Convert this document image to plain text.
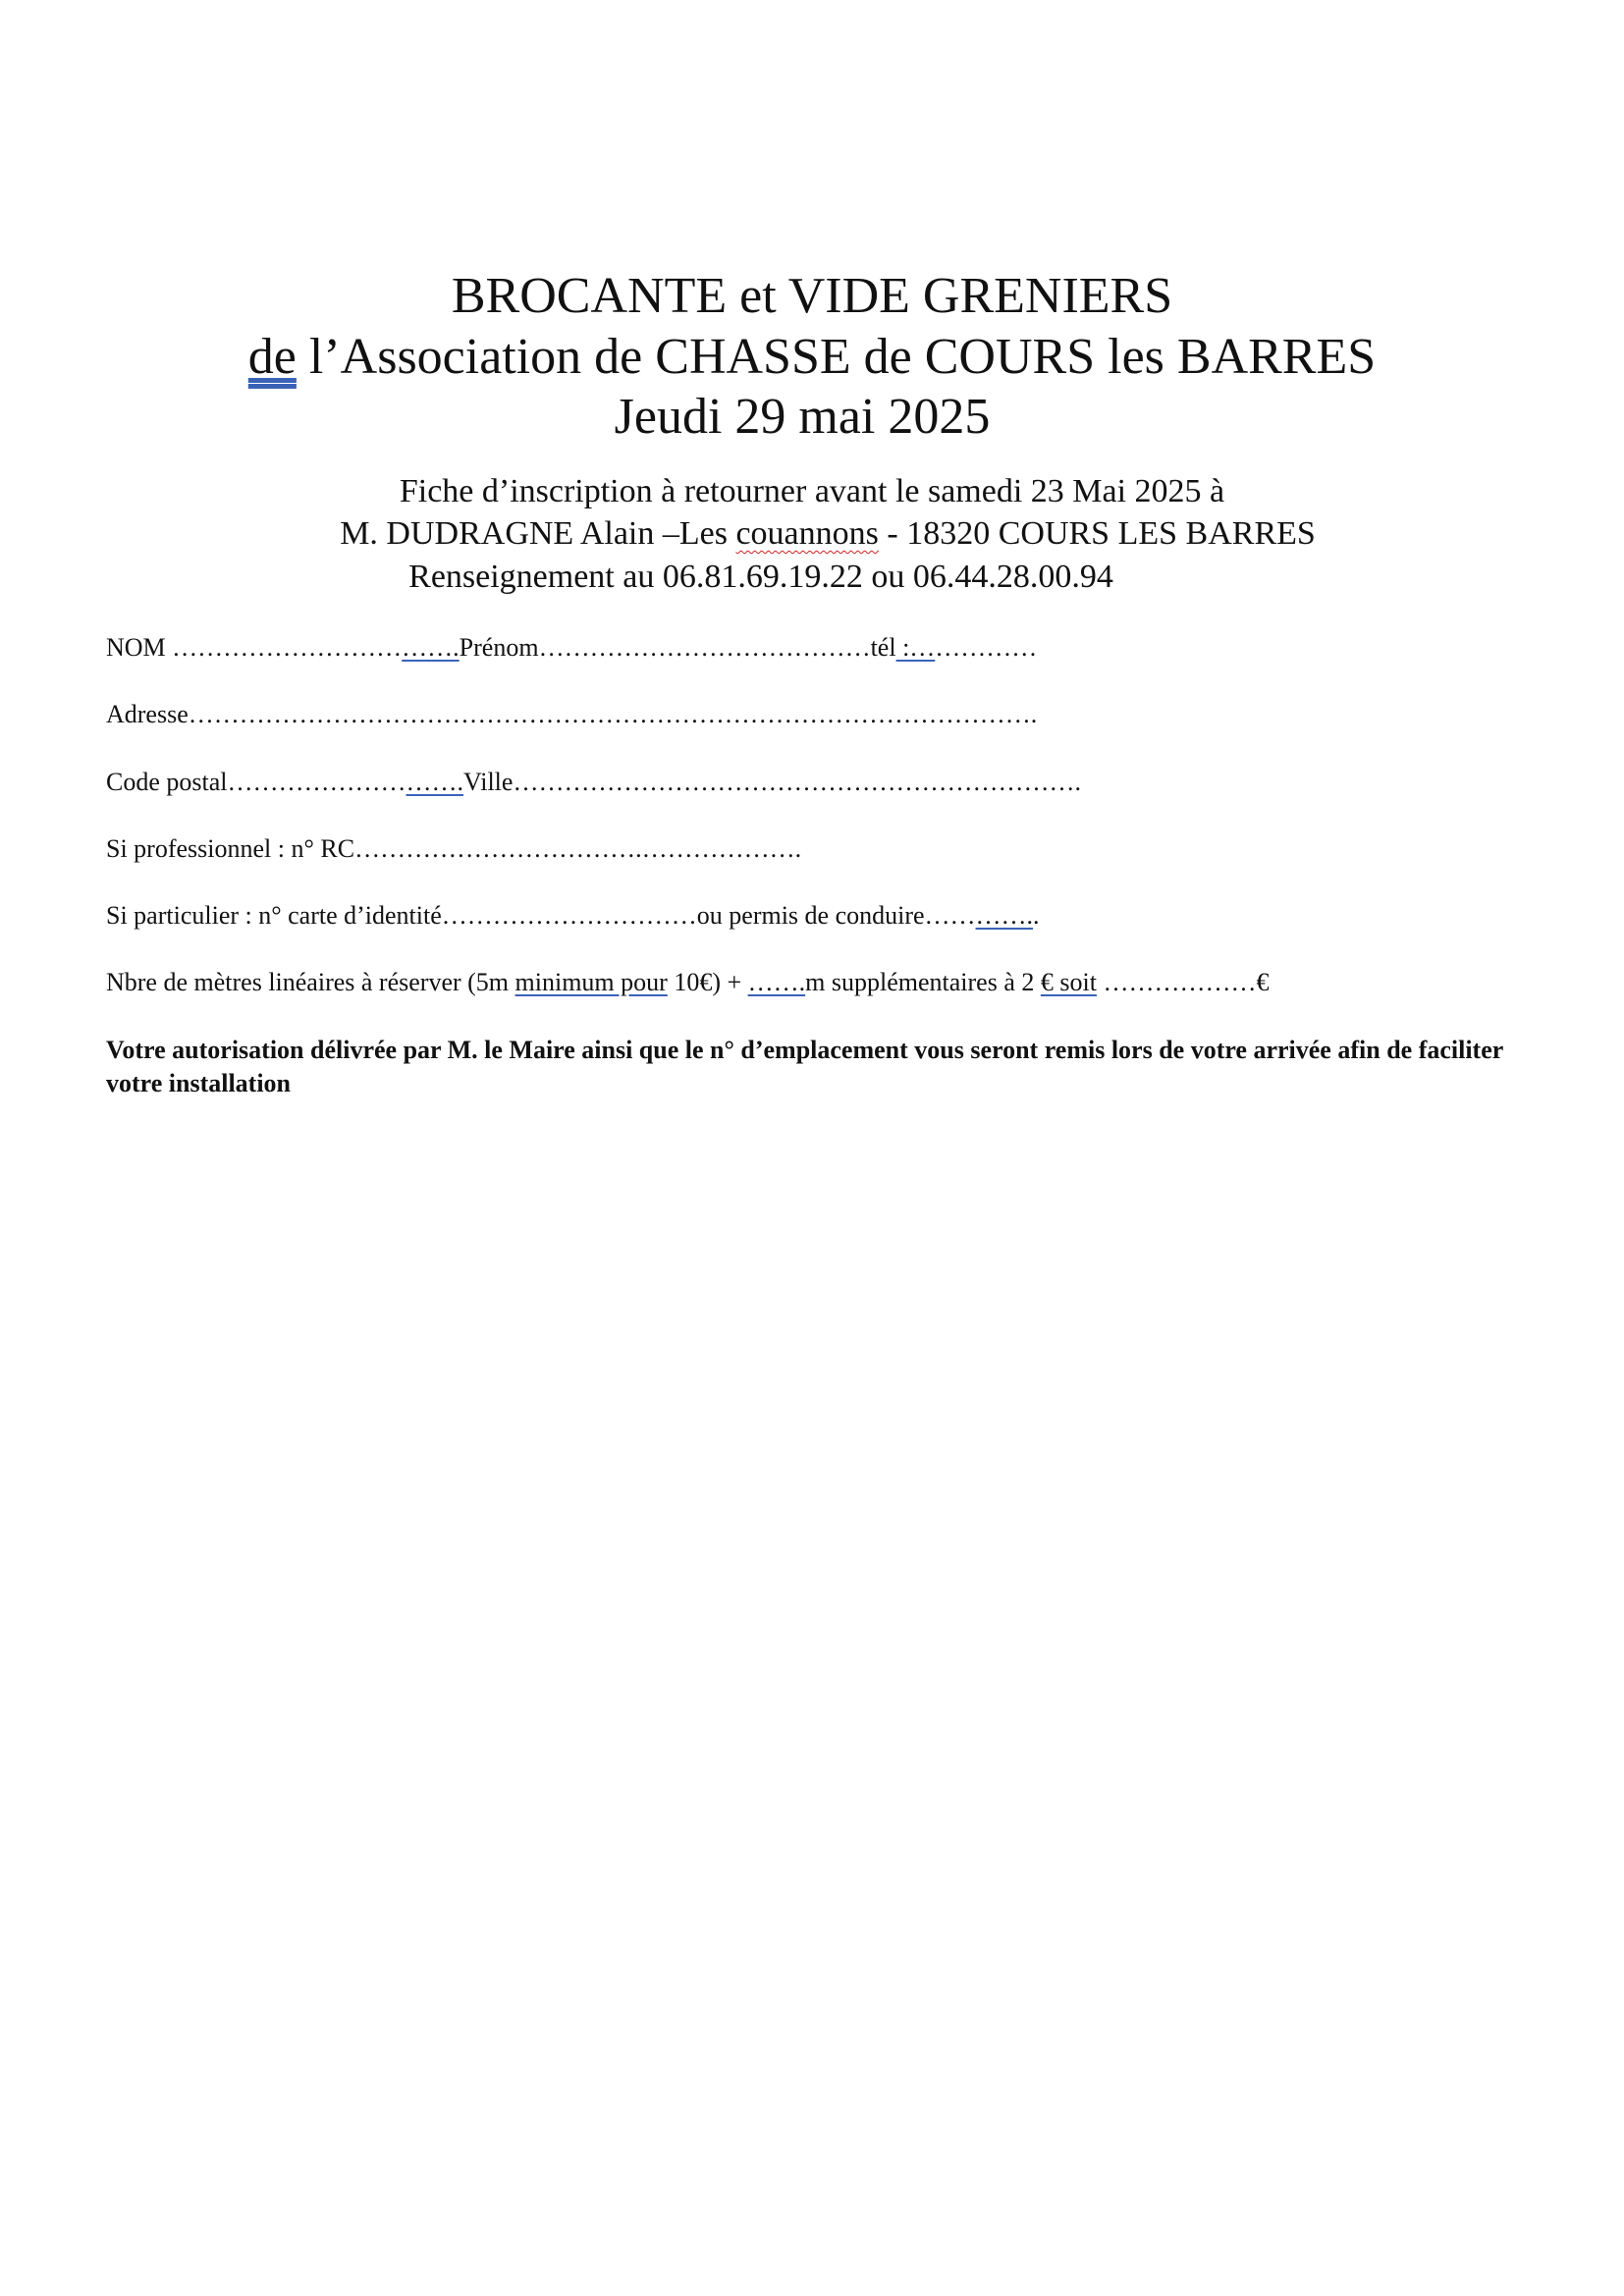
BROCANTE et VIDE GRENIERS
de l’Association de CHASSE de COURS les BARRES
Jeudi 29 mai 2025
Fiche d’inscription à retourner avant le samedi 23 Mai 2025 à
M. DUDRAGNE Alain –Les couannons - 18320 COURS LES BARRES
Renseignement au 06.81.69.19.22 ou 06.44.28.00.94
NOM …………………………….Prénom…………………………………tél :……………
Adresse……………………………………………………………………………………….
Code postal……………………….Ville………………………………………………………….
Si professionnel : n° RC…………………………….……………….
Si particulier : n° carte d’identité…………………………ou permis de conduire…………..
Nbre de mètres linéaires à réserver (5m minimum pour 10€) + …….m supplémentaires à 2 € soit ………………€
Votre autorisation délivrée par M. le Maire ainsi que le n° d’emplacement vous seront remis lors de votre arrivée afin de faciliter votre installation
